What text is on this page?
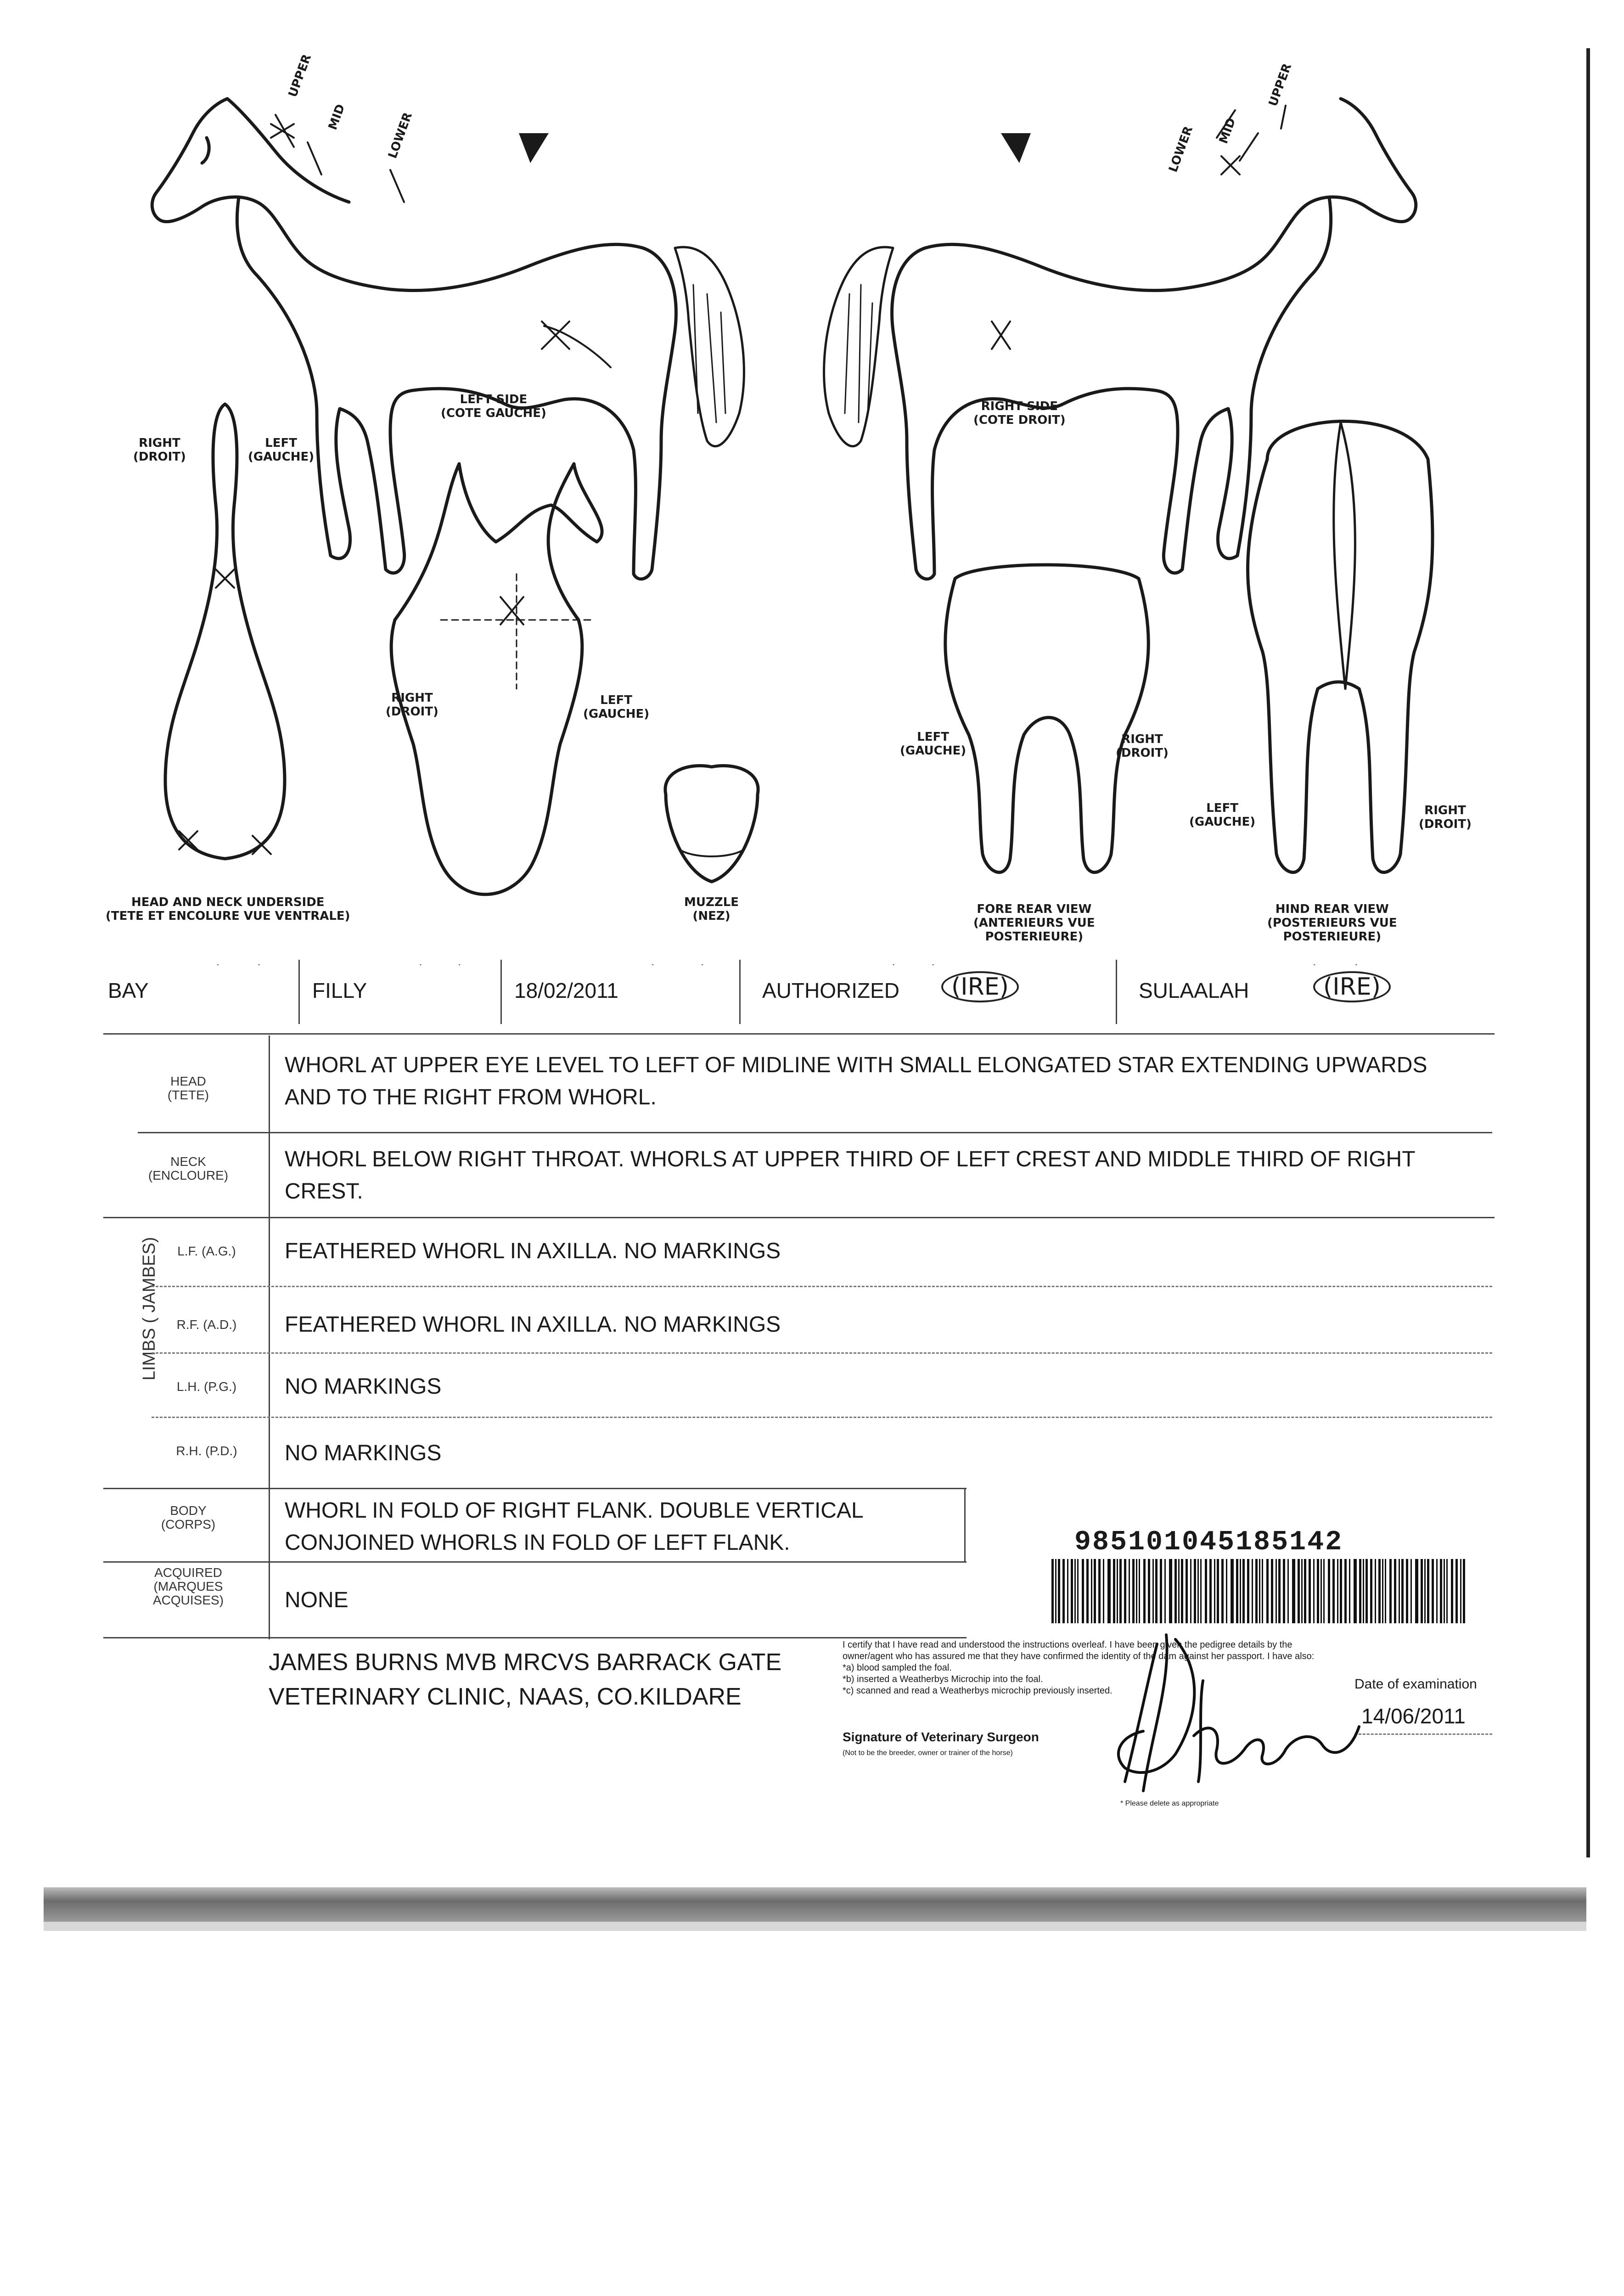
UPPER
MID	LOWER
UPPER
MID
LOWER
LEFT SIDE
(COTE GAUCHE)	RIGHT SIDE
(COTE DROIT)
RIGHT
(DROIT)
LEFT
(GAUCHE)
HEAD AND NECK UNDERSIDE
(TETE ET ENCOLURE VUE VENTRALE)
RIGHT
(DROIT)
LEFT
(GAUCHE)
MUZZLE
(NEZ)
LEFT
(GAUCHE)
RIGHT
(DROIT)
FORE REAR VIEW
(ANTERIEURS VUE
POSTERIEURE)
LEFT
(GAUCHE)
RIGHT
(DROIT)
HIND REAR VIEW
(POSTERIEURS VUE
POSTERIEURE)
BAY	FILLY	18/02/2011	AUTHORIZED	(IRE)	SULAALAH	(IRE)
HEAD
(TETE)
WHORL AT UPPER EYE LEVEL TO LEFT OF MIDLINE WITH SMALL ELONGATED STAR EXTENDING UPWARDS
AND TO THE RIGHT FROM WHORL.
NECK
(ENCLOURE)
WHORL BELOW RIGHT THROAT. WHORLS AT UPPER THIRD OF LEFT CREST AND MIDDLE THIRD OF RIGHT
CREST.
LIMBS ( JAMBES)	L.F. (A.G.)	FEATHERED WHORL IN AXILLA. NO MARKINGS
R.F. (A.D.)	FEATHERED WHORL IN AXILLA. NO MARKINGS
L.H. (P.G.)	NO MARKINGS
R.H. (P.D.)	NO MARKINGS
BODY
(CORPS)
WHORL IN FOLD OF RIGHT FLANK. DOUBLE VERTICAL
CONJOINED WHORLS IN FOLD OF LEFT FLANK.
ACQUIRED
(MARQUES
ACQUISES)	NONE
985101045185142
JAMES BURNS MVB MRCVS BARRACK GATE
VETERINARY CLINIC, NAAS, CO.KILDARE
I certify that I have read and understood the instructions overleaf. I have been given the pedigree details by the
owner/agent who has assured me that they have confirmed the identity of the dam against her passport. I have also:
*a) blood sampled the foal.
*b) inserted a Weatherbys Microchip into the foal.
*c) scanned and read a Weatherbys microchip previously inserted.
Signature of Veterinary Surgeon
(Not to be the breeder, owner or trainer of the horse)
* Please delete as appropriate
Date of examination
14/06/2011
